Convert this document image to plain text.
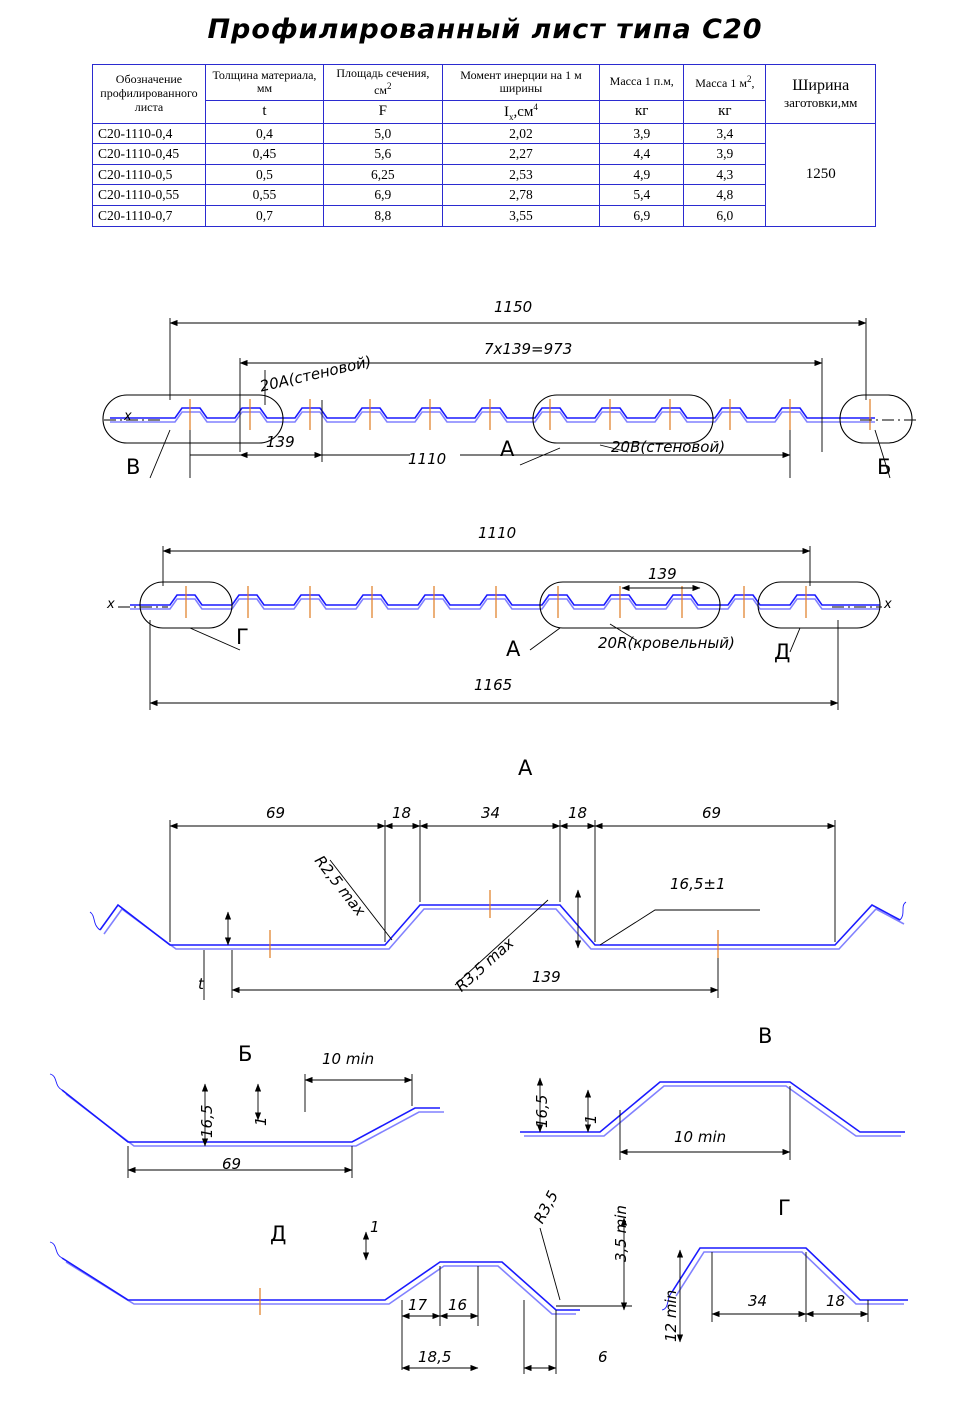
Профилированный лист типа С20
Обозначение профилированного листа	Толщина материала, мм	Площадь сечения, $см^2$	Момент инерции на 1 м ширины	Масса 1 п.м,	Масса 1 $м^2$,	Ширина
заготовки,мм

	t	F	$I_x,см^4$	кг	кг	
С20-1110-0,4	0,4	5,0	2,02	3,9	3,4	1250
С20-1110-0,45	0,45	5,6	2,27	4,4	3,9	
С20-1110-0,5	0,5	6,25	2,53	4,9	4,3	
С20-1110-0,55	0,55	6,9	2,78	5,4	4,8	
С20-1110-0,7	0,7	8,8	3,55	6,9	6,0	
1150
7x139=973
139
1110
20А(стеновой)
20В(стеновой)
А
Б
В
x
1110
139
1165
20R(кровельный)
А
Г
Д
x	x
А
69	18	34	18	69
R2,5 max
R3,5 max
16,5±1
t	139
Б	10 min
16,5 1
69
В
16,5 1
10 min
Д	1
17 16
18,5	6
R3,5	3,5 min	Г
12 min	34	18
